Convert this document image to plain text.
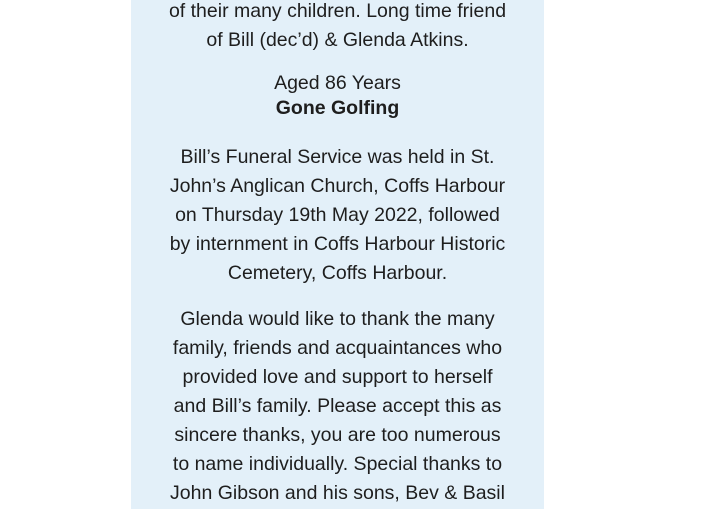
of their many children. Long time friend
of Bill (dec’d) & Glenda Atkins.
Aged 86 Years
Gone Golfing
Bill’s Funeral Service was held in St.
John’s Anglican Church, Coffs Harbour
on Thursday 19th May 2022, followed
by internment in Coffs Harbour Historic
Cemetery, Coffs Harbour.
Glenda would like to thank the many
family, friends and acquaintances who
provided love and support to herself
and Bill’s family. Please accept this as
sincere thanks, you are too numerous
to name individually. Special thanks to
John Gibson and his sons, Bev & Basil
